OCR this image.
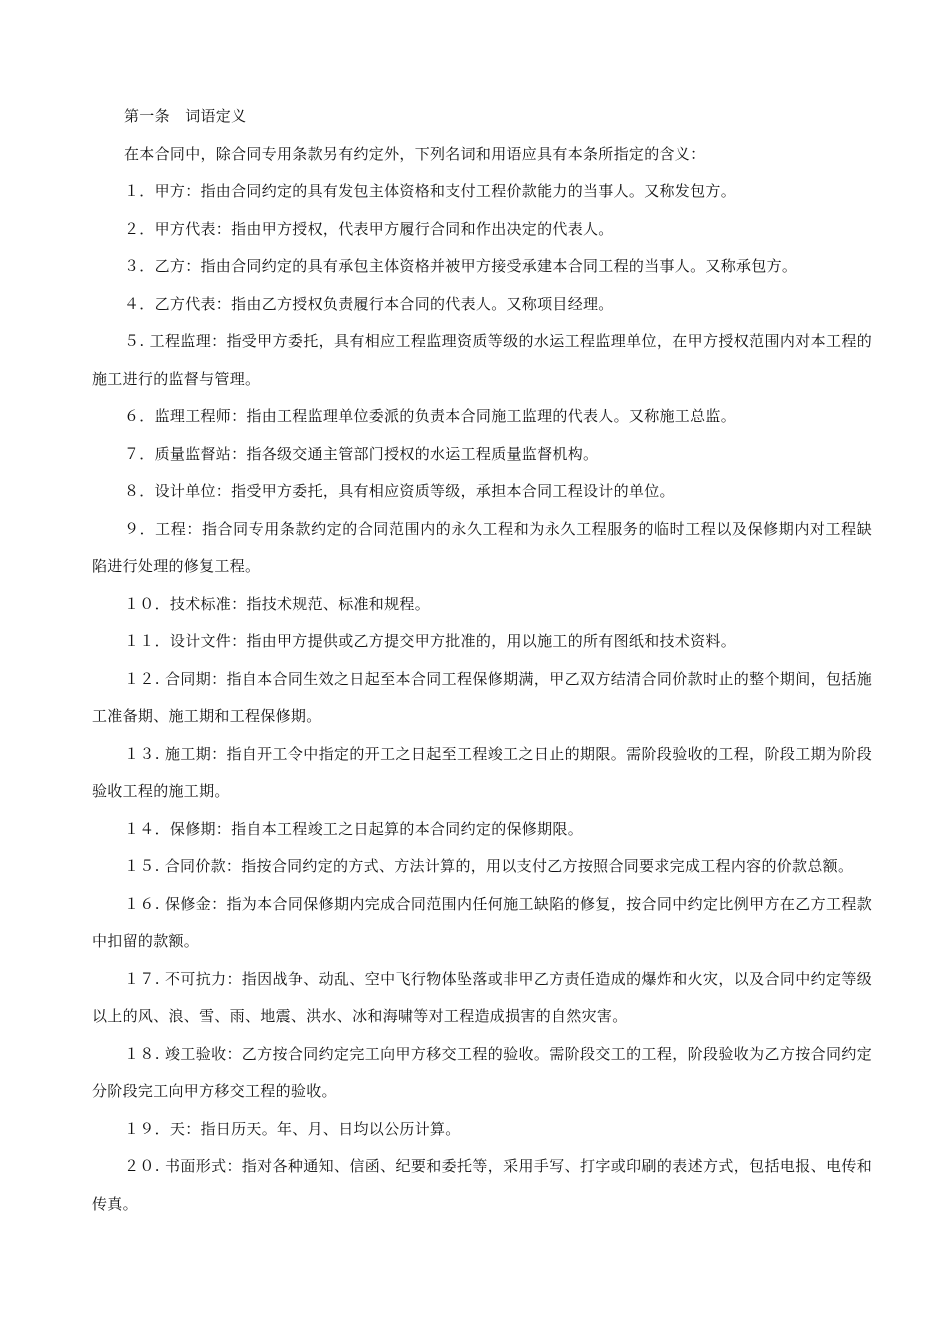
第一条　词语定义

在本合同中，除合同专用条款另有约定外，下列名词和用语应具有本条所指定的含义：

１．甲方：指由合同约定的具有发包主体资格和支付工程价款能力的当事人。又称发包方。

２．甲方代表：指由甲方授权，代表甲方履行合同和作出决定的代表人。

３．乙方：指由合同约定的具有承包主体资格并被甲方接受承建本合同工程的当事人。又称承包方。

４．乙方代表：指由乙方授权负责履行本合同的代表人。又称项目经理。

５. 工程监理：指受甲方委托，具有相应工程监理资质等级的水运工程监理单位，在甲方授权范围内对本工程的施工进行的监督与管理。

６．监理工程师：指由工程监理单位委派的负责本合同施工监理的代表人。又称施工总监。

７．质量监督站：指各级交通主管部门授权的水运工程质量监督机构。

８．设计单位：指受甲方委托，具有相应资质等级，承担本合同工程设计的单位。

９．工程：指合同专用条款约定的合同范围内的永久工程和为永久工程服务的临时工程以及保修期内对工程缺陷进行处理的修复工程。

１０．技术标准：指技术规范、标准和规程。

１１．设计文件：指由甲方提供或乙方提交甲方批准的，用以施工的所有图纸和技术资料。

１２. 合同期：指自本合同生效之日起至本合同工程保修期满，甲乙双方结清合同价款时止的整个期间，包括施工准备期、施工期和工程保修期。

１３. 施工期：指自开工令中指定的开工之日起至工程竣工之日止的期限。需阶段验收的工程，阶段工期为阶段验收工程的施工期。

１４．保修期：指自本工程竣工之日起算的本合同约定的保修期限。

１５. 合同价款：指按合同约定的方式、方法计算的，用以支付乙方按照合同要求完成工程内容的价款总额。

１６. 保修金：指为本合同保修期内完成合同范围内任何施工缺陷的修复，按合同中约定比例甲方在乙方工程款中扣留的款额。

１７. 不可抗力：指因战争、动乱、空中飞行物体坠落或非甲乙方责任造成的爆炸和火灾，以及合同中约定等级以上的风、浪、雪、雨、地震、洪水、冰和海啸等对工程造成损害的自然灾害。

１８. 竣工验收：乙方按合同约定完工向甲方移交工程的验收。需阶段交工的工程，阶段验收为乙方按合同约定分阶段完工向甲方移交工程的验收。

１９．天：指日历天。年、月、日均以公历计算。

２０. 书面形式：指对各种通知、信函、纪要和委托等，采用手写、打字或印刷的表述方式，包括电报、电传和传真。
